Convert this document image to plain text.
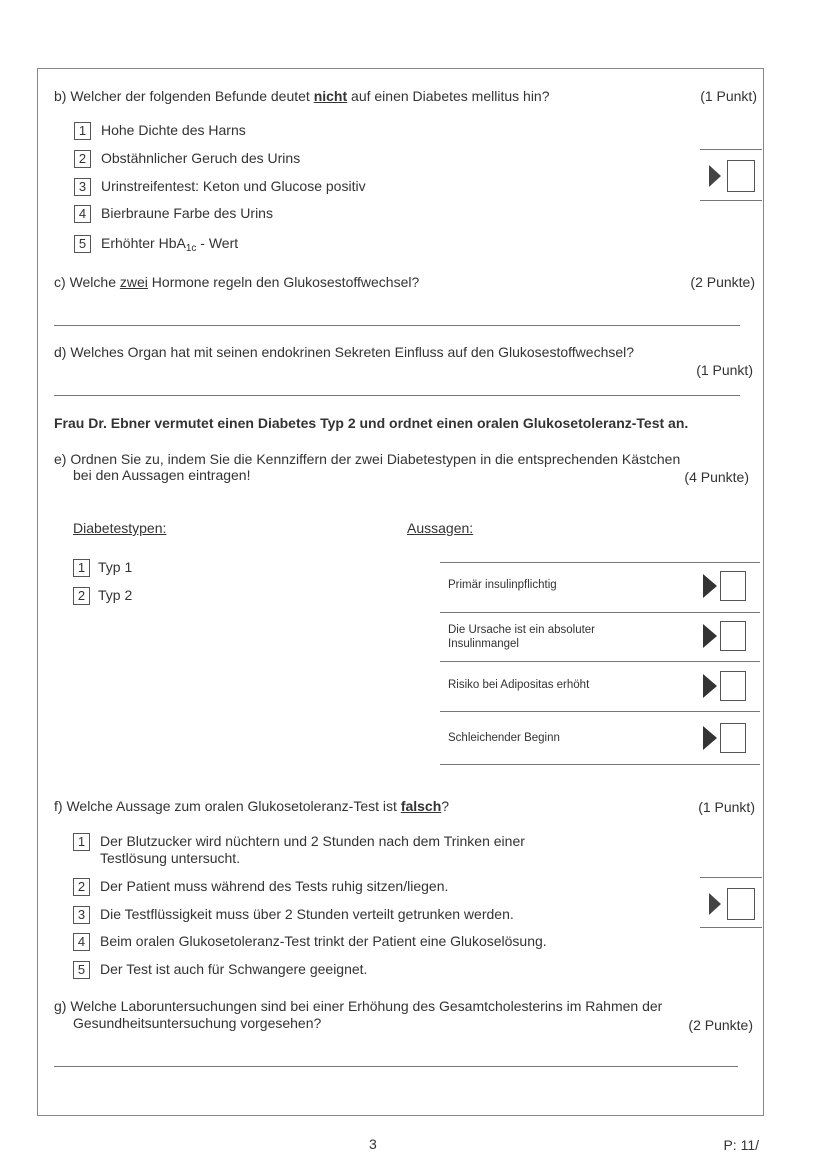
b) Welcher der folgenden Befunde deutet nicht auf einen Diabetes mellitus hin?	(1 Punkt)
1	Hohe Dichte des Harns
2	Obstähnlicher Geruch des Urins
3	Urinstreifentest: Keton und Glucose positiv
4	Bierbraune Farbe des Urins
5	Erhöhter HbA$_{1c}$ - Wert
c) Welche zwei Hormone regeln den Glukosestoffwechsel?	(2 Punkte)
d) Welches Organ hat mit seinen endokrinen Sekreten Einfluss auf den Glukosestoffwechsel?
(1 Punkt)
Frau Dr. Ebner vermutet einen Diabetes Typ 2 und ordnet einen oralen Glukosetoleranz-Test an.
e) Ordnen Sie zu, indem Sie die Kennziffern der zwei Diabetestypen in die entsprechenden Kästchen
bei den Aussagen eintragen!	(4 Punkte)
Diabetestypen:	Aussagen:
1 Typ 1
2 Typ 2
Primär insulinpflichtig
Die Ursache ist ein absoluter
Insulinmangel
Risiko bei Adipositas erhöht
Schleichender Beginn
f) Welche Aussage zum oralen Glukosetoleranz-Test ist falsch?	(1 Punkt)
1	Der Blutzucker wird nüchtern und 2 Stunden nach dem Trinken einer
Testlösung untersucht.
2	Der Patient muss während des Tests ruhig sitzen/liegen.
3	Die Testflüssigkeit muss über 2 Stunden verteilt getrunken werden.
4	Beim oralen Glukosetoleranz-Test trinkt der Patient eine Glukoselösung.
5	Der Test ist auch für Schwangere geeignet.
g) Welche Laboruntersuchungen sind bei einer Erhöhung des Gesamtcholesterins im Rahmen der
Gesundheitsuntersuchung vorgesehen?	(2 Punkte)
3	P: 11/
